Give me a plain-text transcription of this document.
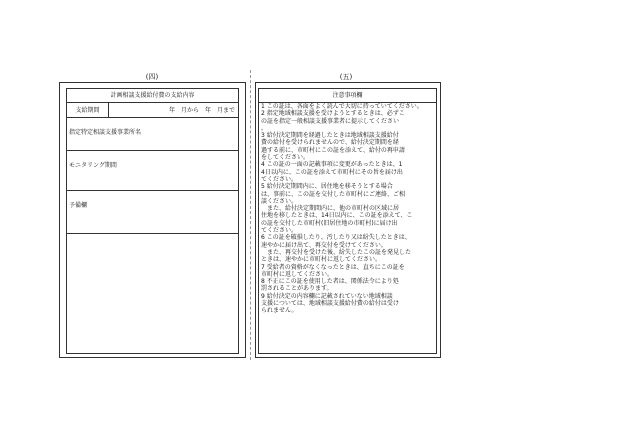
(四)	(五)
計画相談支援給付費の支給内容
支給期間	年　月から 年　月まで
指定特定相談支援事業所名
モニタリング期間
予備欄
注意事項欄

1 この証は、各面をよく読んで大切に持っていてください。

2 指定地域相談支援を受けようとするときは、必ずこ

の証を指定一般相談支援事業者に提示してください

。

3 給付決定期間を経過したときは地域相談支援給付

費の給付を受けられませんので、給付決定期間を経

過する前に、市町村にこの証を添えて、給付の再申請

をしてください。

4 この証の一面の記載事項に変更があったときは、1

4日以内に、この証を添えて市町村にその旨を届け出

てください。

5 給付決定期間内に、居住地を移そうとする場合

は、事前に、この証を交付した市町村にご連絡、ご相

談ください。

　また、給付決定期間内に、他の市町村の区域に居

住地を移したときは、14日以内に、この証を添えて、こ

の証を交付した市町村(旧居住地の市町村)に届け出

てください。

6 この証を破損したり、汚したり又は紛失したときは、

速やかに届け出て、再交付を受けてください。

　また、再交付を受けた後、紛失したこの証を発見した

ときは、速やかに市町村に返してください。

7 受給者の資格がなくなったときは、直ちにこの証を

市町村に返してください。

8 不正にこの証を使用した者は、関係法令により処

罰されることがあります。

9 給付決定の内容欄に記載されていない地域相談

支援については、地域相談支援給付費の給付は受け

られません。
